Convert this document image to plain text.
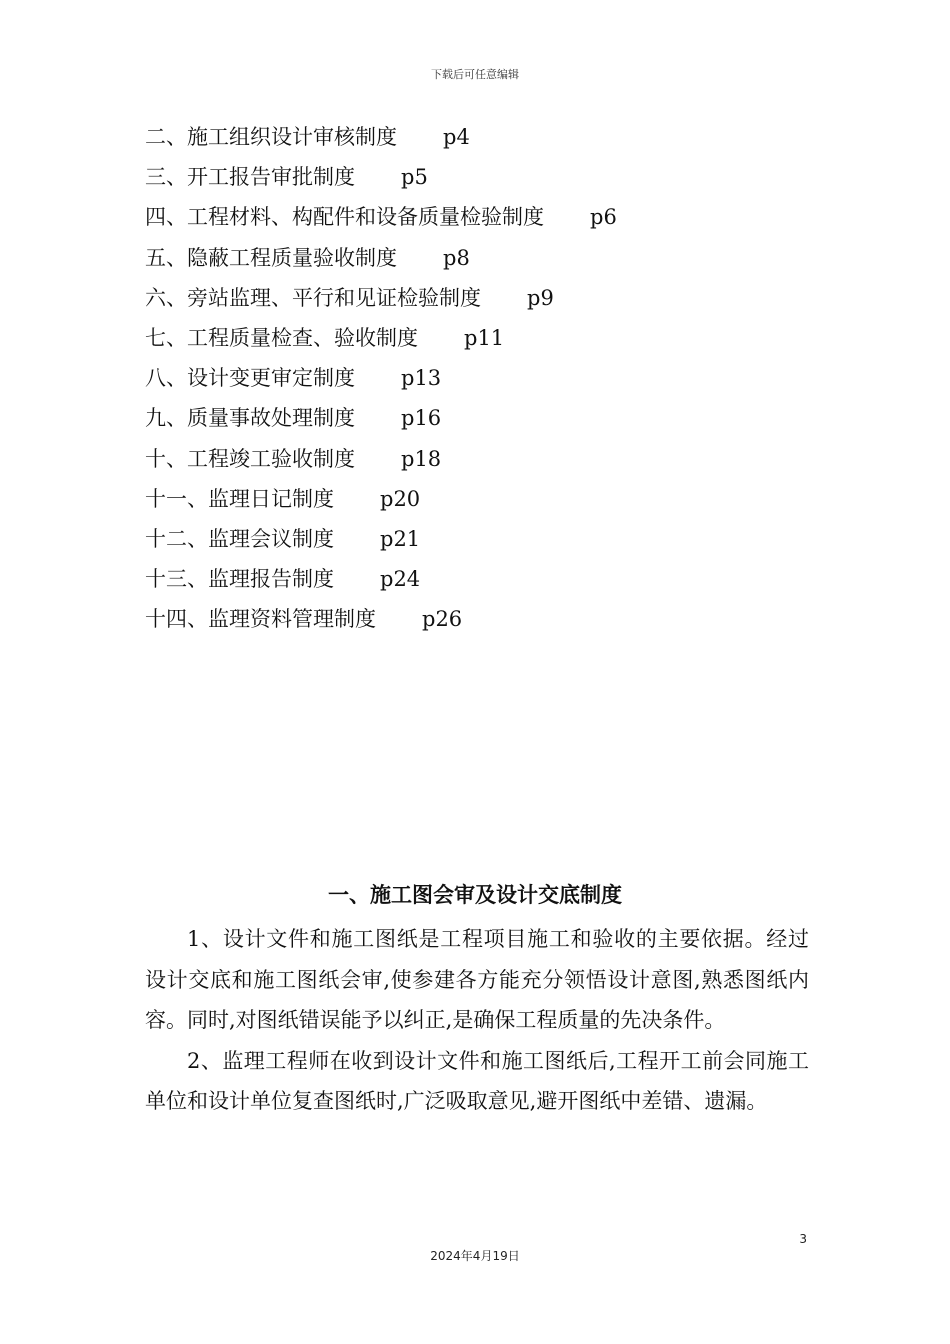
下载后可任意编辑
二、施工组织设计审核制度 p4
三、开工报告审批制度 p5
四、工程材料、构配件和设备质量检验制度 p6
五、隐蔽工程质量验收制度 p8
六、旁站监理、平行和见证检验制度 p9
七、工程质量检查、验收制度 p11
八、设计变更审定制度 p13
九、质量事故处理制度 p16
十、工程竣工验收制度 p18
十一、监理日记制度 p20
十二、监理会议制度 p21
十三、监理报告制度 p24
十四、监理资料管理制度 p26
一、施工图会审及设计交底制度

1、设计文件和施工图纸是工程项目施工和验收的主要依据。经过设计交底和施工图纸会审,使参建各方能充分领悟设计意图,熟悉图纸内容。同时,对图纸错误能予以纠正,是确保工程质量的先决条件。

2、监理工程师在收到设计文件和施工图纸后,工程开工前会同施工单位和设计单位复查图纸时,广泛吸取意见,避开图纸中差错、遗漏。

3
2024年4月19日
